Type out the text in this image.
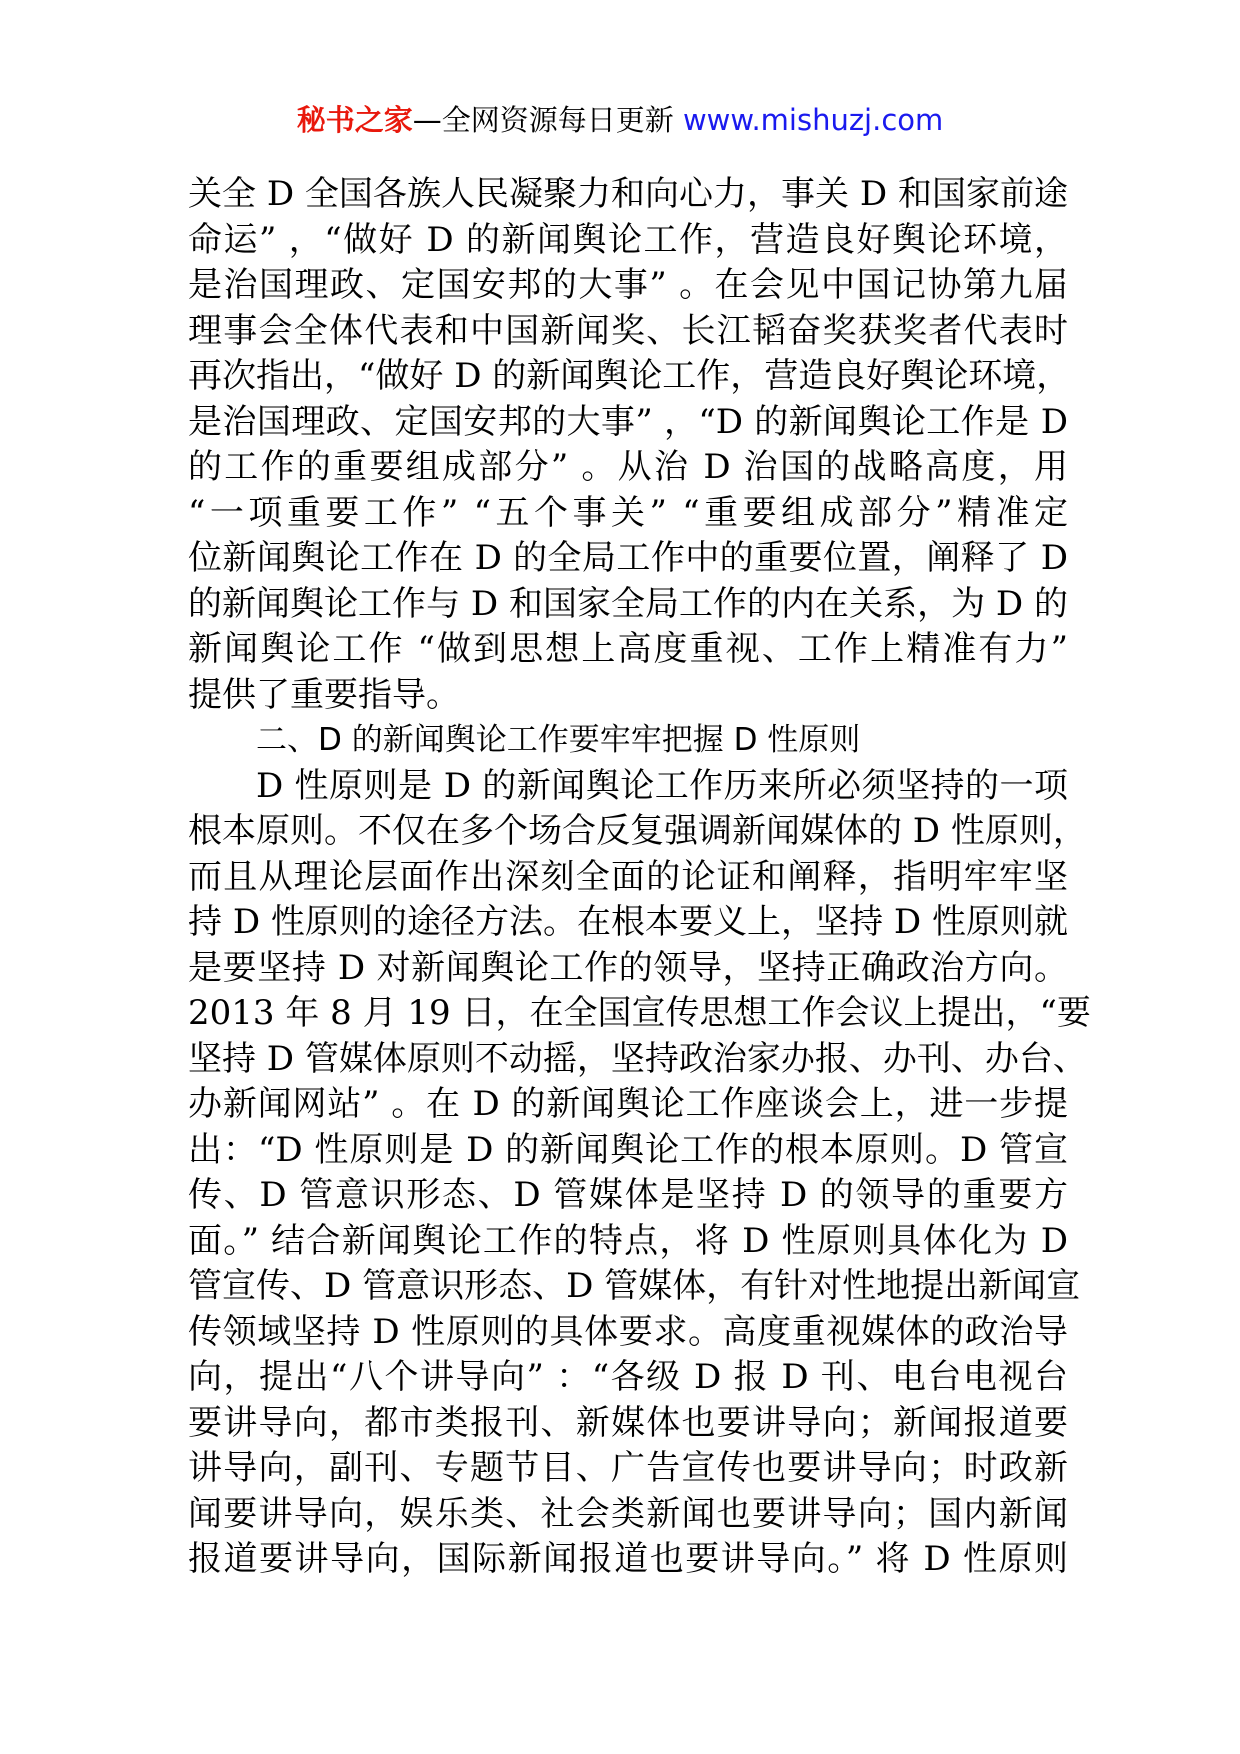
秘书之家—全网资源每日更新 www.mishuzj.com
关全 D 全国各族人民凝聚力和向心力，事关 D 和国家前途
命运” ，“做好 D 的新闻舆论工作，营造良好舆论环境，
是治国理政、定国安邦的大事” 。在会见中国记协第九届
理事会全体代表和中国新闻奖、长江韬奋奖获奖者代表时
再次指出，“做好 D 的新闻舆论工作，营造良好舆论环境，
是治国理政、定国安邦的大事” ，“D 的新闻舆论工作是 D
的工作的重要组成部分” 。从治 D 治国的战略高度，用
“一项重要工作” “五个事关” “重要组成部分”精准定
位新闻舆论工作在 D 的全局工作中的重要位置，阐释了 D
的新闻舆论工作与 D 和国家全局工作的内在关系，为 D 的
新闻舆论工作 “做到思想上高度重视、工作上精准有力”
提供了重要指导。
二、D 的新闻舆论工作要牢牢把握 D 性原则
D 性原则是 D 的新闻舆论工作历来所必须坚持的一项
根本原则。不仅在多个场合反复强调新闻媒体的 D 性原则，
而且从理论层面作出深刻全面的论证和阐释，指明牢牢坚
持 D 性原则的途径方法。在根本要义上，坚持 D 性原则就
是要坚持 D 对新闻舆论工作的领导，坚持正确政治方向。
2013 年 8 月 19 日，在全国宣传思想工作会议上提出，“要
坚持 D 管媒体原则不动摇，坚持政治家办报、办刊、办台、
办新闻网站” 。在 D 的新闻舆论工作座谈会上，进一步提
出：“D 性原则是 D 的新闻舆论工作的根本原则。D 管宣
传、D 管意识形态、D 管媒体是坚持 D 的领导的重要方
面。” 结合新闻舆论工作的特点，将 D 性原则具体化为 D
管宣传、D 管意识形态、D 管媒体，有针对性地提出新闻宣
传领域坚持 D 性原则的具体要求。高度重视媒体的政治导
向，提出“八个讲导向” ：“各级 D 报 D 刊、电台电视台
要讲导向，都市类报刊、新媒体也要讲导向；新闻报道要
讲导向，副刊、专题节目、广告宣传也要讲导向；时政新
闻要讲导向，娱乐类、社会类新闻也要讲导向；国内新闻
报道要讲导向，国际新闻报道也要讲导向。” 将 D 性原则
